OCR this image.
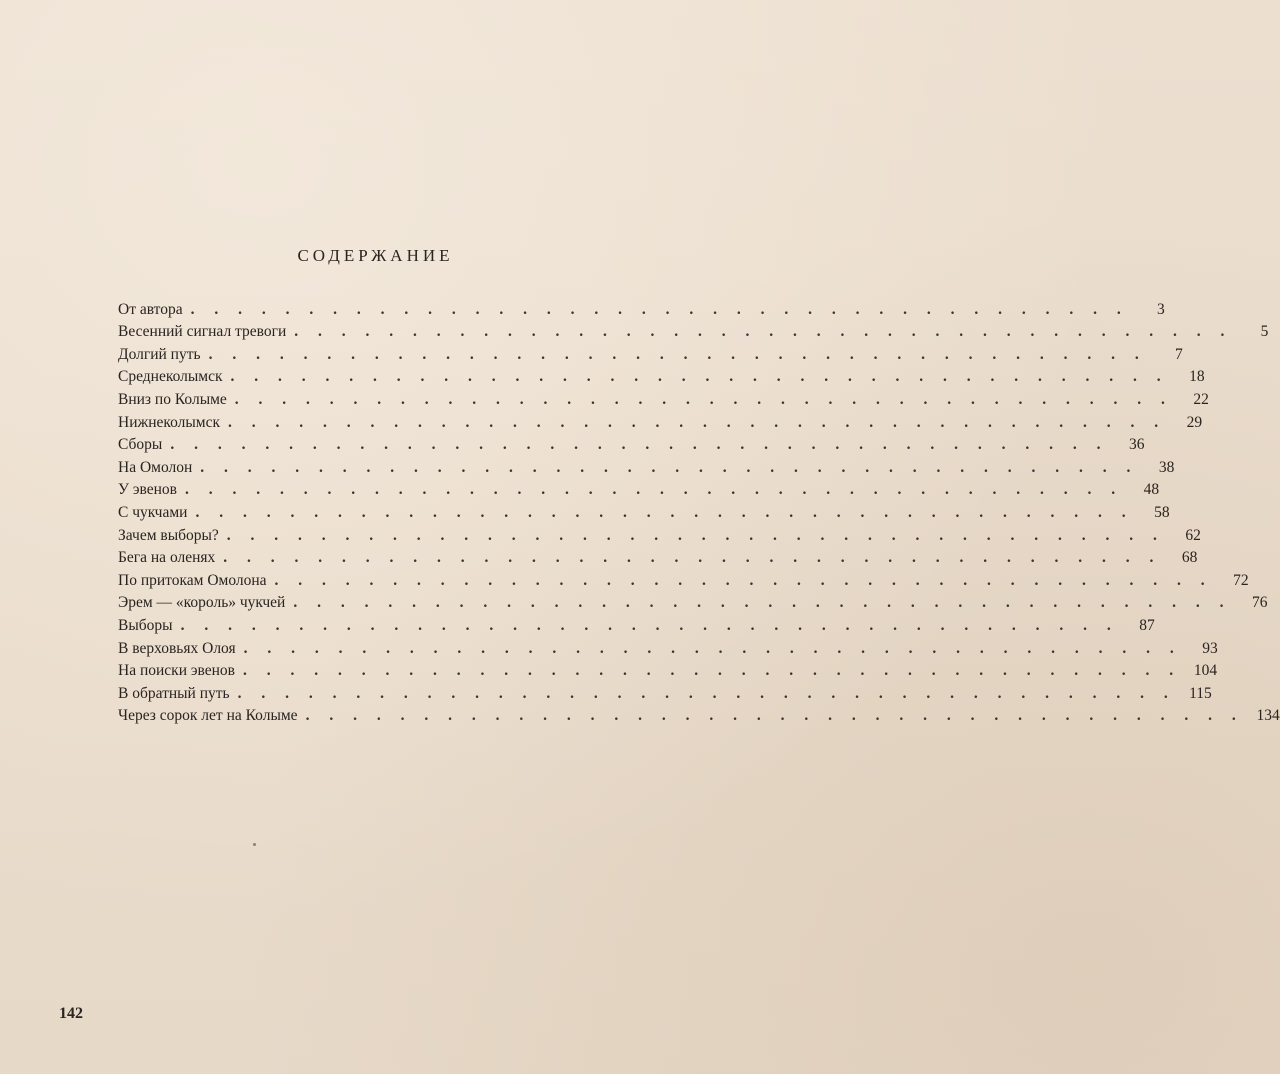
СОДЕРЖАНИЕ
От автора . . . . . . . . . . . . . . . . . . . . . . . . . . . . . . . . . . . . . . . .	3
Весенний сигнал тревоги . . . . . . . . . . . . . . . . . . . . . . . . . . . . . . . . . . . . . . . .	5
Долгий путь . . . . . . . . . . . . . . . . . . . . . . . . . . . . . . . . . . . . . . . .	7
Среднеколымск . . . . . . . . . . . . . . . . . . . . . . . . . . . . . . . . . . . . . . . .	18
Вниз по Колыме . . . . . . . . . . . . . . . . . . . . . . . . . . . . . . . . . . . . . . . .	22
Нижнеколымск . . . . . . . . . . . . . . . . . . . . . . . . . . . . . . . . . . . . . . . .	29
Сборы . . . . . . . . . . . . . . . . . . . . . . . . . . . . . . . . . . . . . . . .	36
На Омолон . . . . . . . . . . . . . . . . . . . . . . . . . . . . . . . . . . . . . . . .	38
У эвенов . . . . . . . . . . . . . . . . . . . . . . . . . . . . . . . . . . . . . . . .	48
С чукчами . . . . . . . . . . . . . . . . . . . . . . . . . . . . . . . . . . . . . . . .	58
Зачем выборы? . . . . . . . . . . . . . . . . . . . . . . . . . . . . . . . . . . . . . . . .	62
Бега на оленях . . . . . . . . . . . . . . . . . . . . . . . . . . . . . . . . . . . . . . . .	68
По притокам Омолона . . . . . . . . . . . . . . . . . . . . . . . . . . . . . . . . . . . . . . . .	72
Эрем — «король» чукчей . . . . . . . . . . . . . . . . . . . . . . . . . . . . . . . . . . . . . . . .	76
Выборы . . . . . . . . . . . . . . . . . . . . . . . . . . . . . . . . . . . . . . . .	87
В верховьях Олоя . . . . . . . . . . . . . . . . . . . . . . . . . . . . . . . . . . . . . . . .	93
На поиски эвенов . . . . . . . . . . . . . . . . . . . . . . . . . . . . . . . . . . . . . . . . 104
В обратный путь . . . . . . . . . . . . . . . . . . . . . . . . . . . . . . . . . . . . . . . . 115
Через сорок лет на Колыме . . . . . . . . . . . . . . . . . . . . . . . . . . . . . . . . . . . . . . . . 134
142
